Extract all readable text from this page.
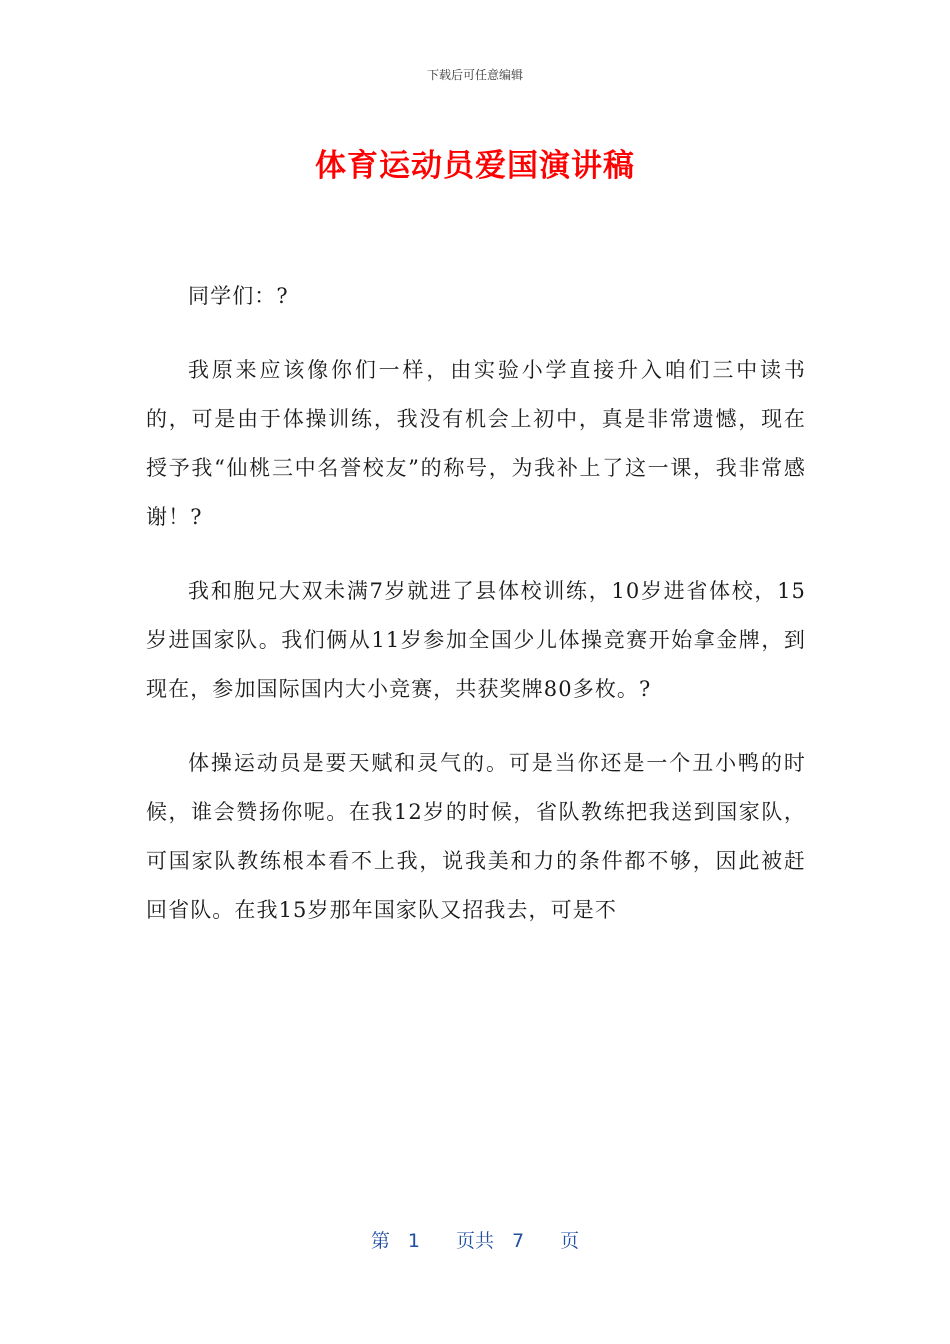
下载后可任意编辑
体育运动员爱国演讲稿

同学们：?

我原来应该像你们一样，由实验小学直接升入咱们三中读书的，可是由于体操训练，我没有机会上初中，真是非常遗憾，现在授予我“仙桃三中名誉校友”的称号，为我补上了这一课，我非常感谢！?

我和胞兄大双未满7岁就进了县体校训练，10岁进省体校，15岁进国家队。我们俩从11岁参加全国少儿体操竞赛开始拿金牌，到现在，参加国际国内大小竞赛，共获奖牌80多枚。?

体操运动员是要天赋和灵气的。可是当你还是一个丑小鸭的时候，谁会赞扬你呢。在我12岁的时候，省队教练把我送到国家队，可国家队教练根本看不上我，说我美和力的条件都不够，因此被赶回省队。在我15岁那年国家队又招我去，可是不

第 1 页共 7 页
